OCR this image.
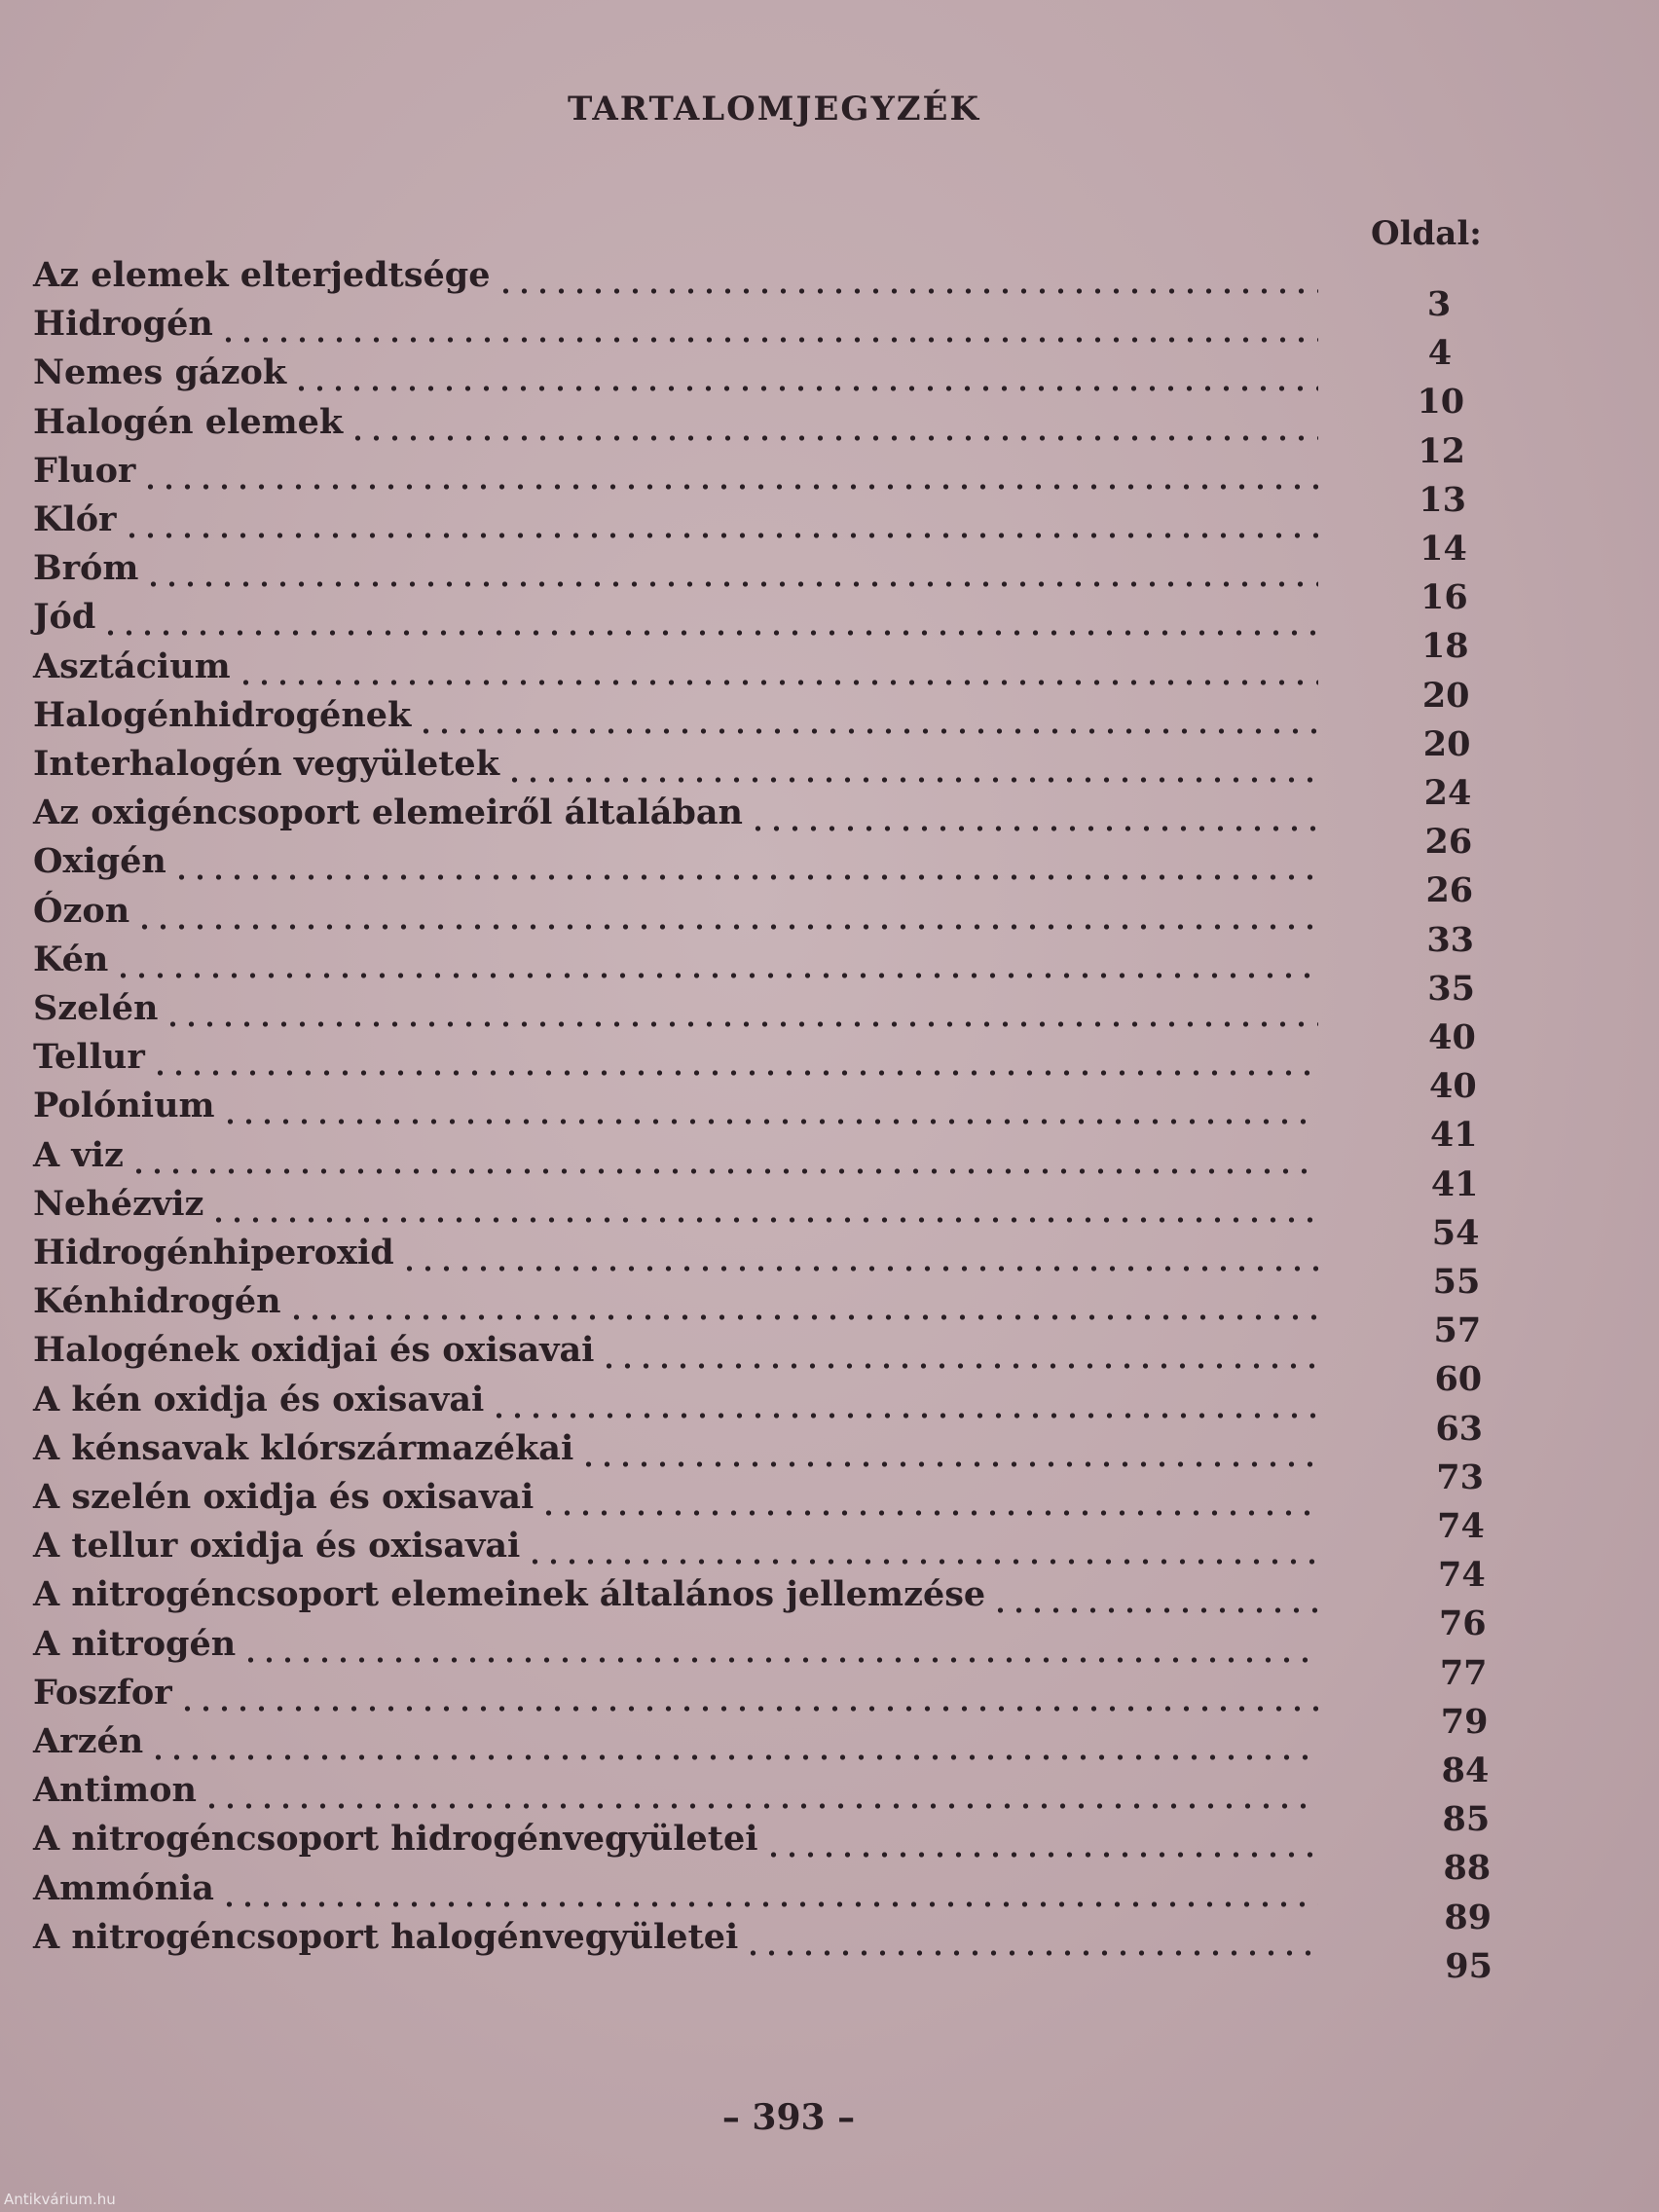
TARTALOMJEGYZÉK
Oldal:
Az elemek elterjedtsége
Hidrogén
Nemes gázok
Halogén elemek
Fluor
Klór
Bróm
Jód
Asztácium
Halogénhidrogének
Interhalogén vegyületek
Az oxigéncsoport elemeiről általában
Oxigén
Ózon
Kén
Szelén
Tellur
Polónium
A viz
Nehézviz
Hidrogénhiperoxid
Kénhidrogén
Halogének oxidjai és oxisavai
A kén oxidja és oxisavai
A kénsavak klórszármazékai
A szelén oxidja és oxisavai
A tellur oxidja és oxisavai
A nitrogéncsoport elemeinek általános jellemzése
A nitrogén
Foszfor
Arzén
Antimon
A nitrogéncsoport hidrogénvegyületei
Ammónia
A nitrogéncsoport halogénvegyületei
3
4
10
12
13
14
16
18
20
20
24
26
26
33
35
40
40
41
41
54
55
57
60
63
73
74
74
76
77
79
84
85
88
89
95
– 393 –
Antikvárium.hu
